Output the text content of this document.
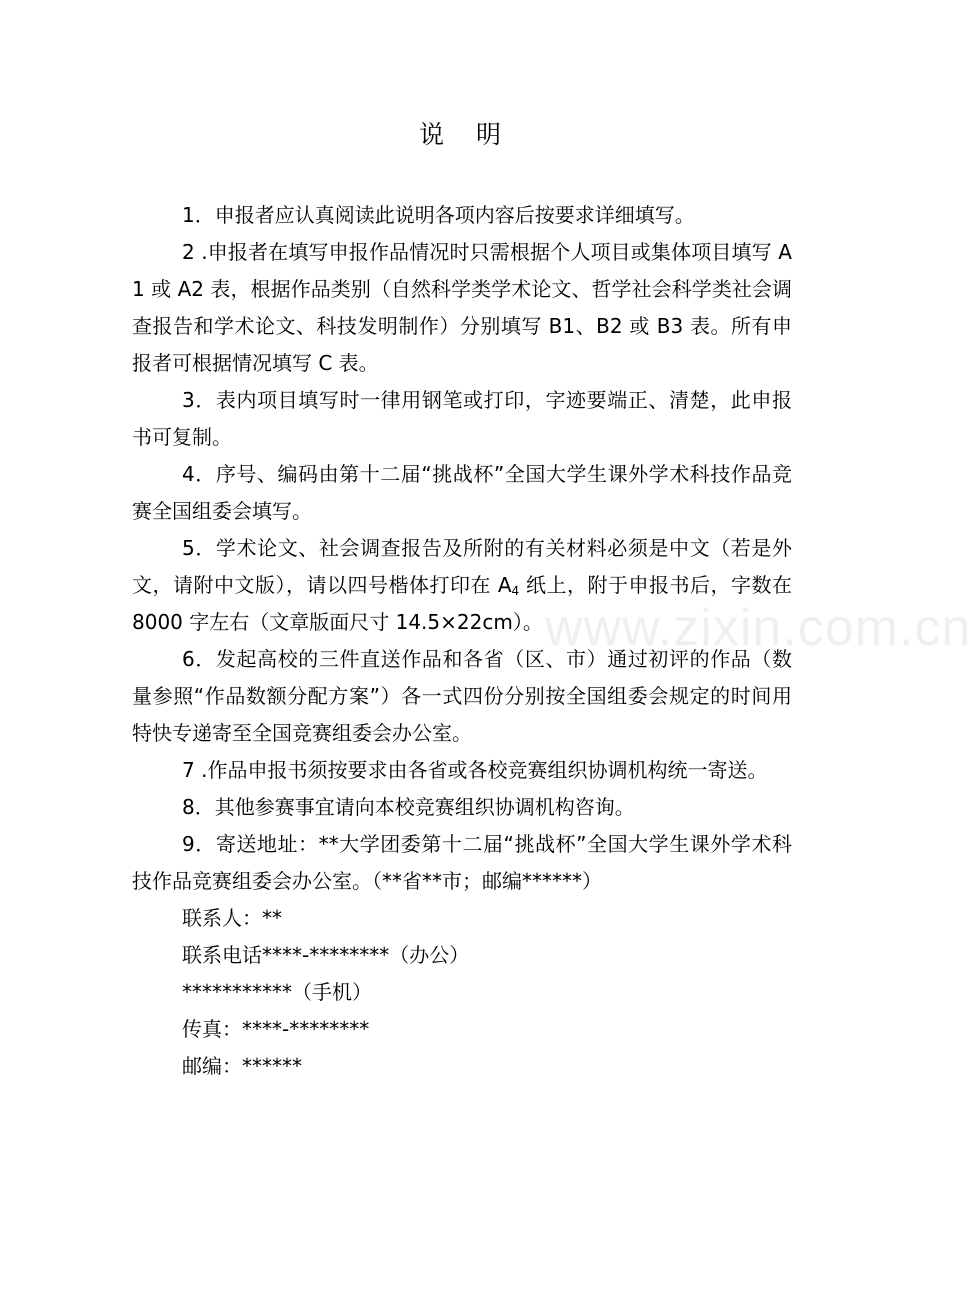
说 明

1．申报者应认真阅读此说明各项内容后按要求详细填写。

2 .申报者在填写申报作品情况时只需根据个人项目或集体项目填写 A1 或 A2 表，根据作品类别（自然科学类学术论文、哲学社会科学类社会调查报告和学术论文、科技发明制作）分别填写 B1、B2 或 B3 表。所有申报者可根据情况填写 C 表。

3．表内项目填写时一律用钢笔或打印，字迹要端正、清楚，此申报书可复制。

4．序号、编码由第十二届“挑战杯”全国大学生课外学术科技作品竞赛全国组委会填写。

5．学术论文、社会调查报告及所附的有关材料必须是中文（若是外文，请附中文版），请以四号楷体打印在 $A_4$ 纸上，附于申报书后，字数在 8000 字左右（文章版面尺寸 14.5×22cm）。

6．发起高校的三件直送作品和各省（区、市）通过初评的作品（数量参照“作品数额分配方案”）各一式四份分别按全国组委会规定的时间用特快专递寄至全国竞赛组委会办公室。

7 .作品申报书须按要求由各省或各校竞赛组织协调机构统一寄送。

8．其他参赛事宜请向本校竞赛组织协调机构咨询。

9．寄送地址：**大学团委第十二届“挑战杯”全国大学生课外学术科技作品竞赛组委会办公室。（**省**市；邮编******）

联系人：**

联系电话****-********（办公）

***********（手机）

传真：****-********

邮编：******

www.zixin.com.cn
